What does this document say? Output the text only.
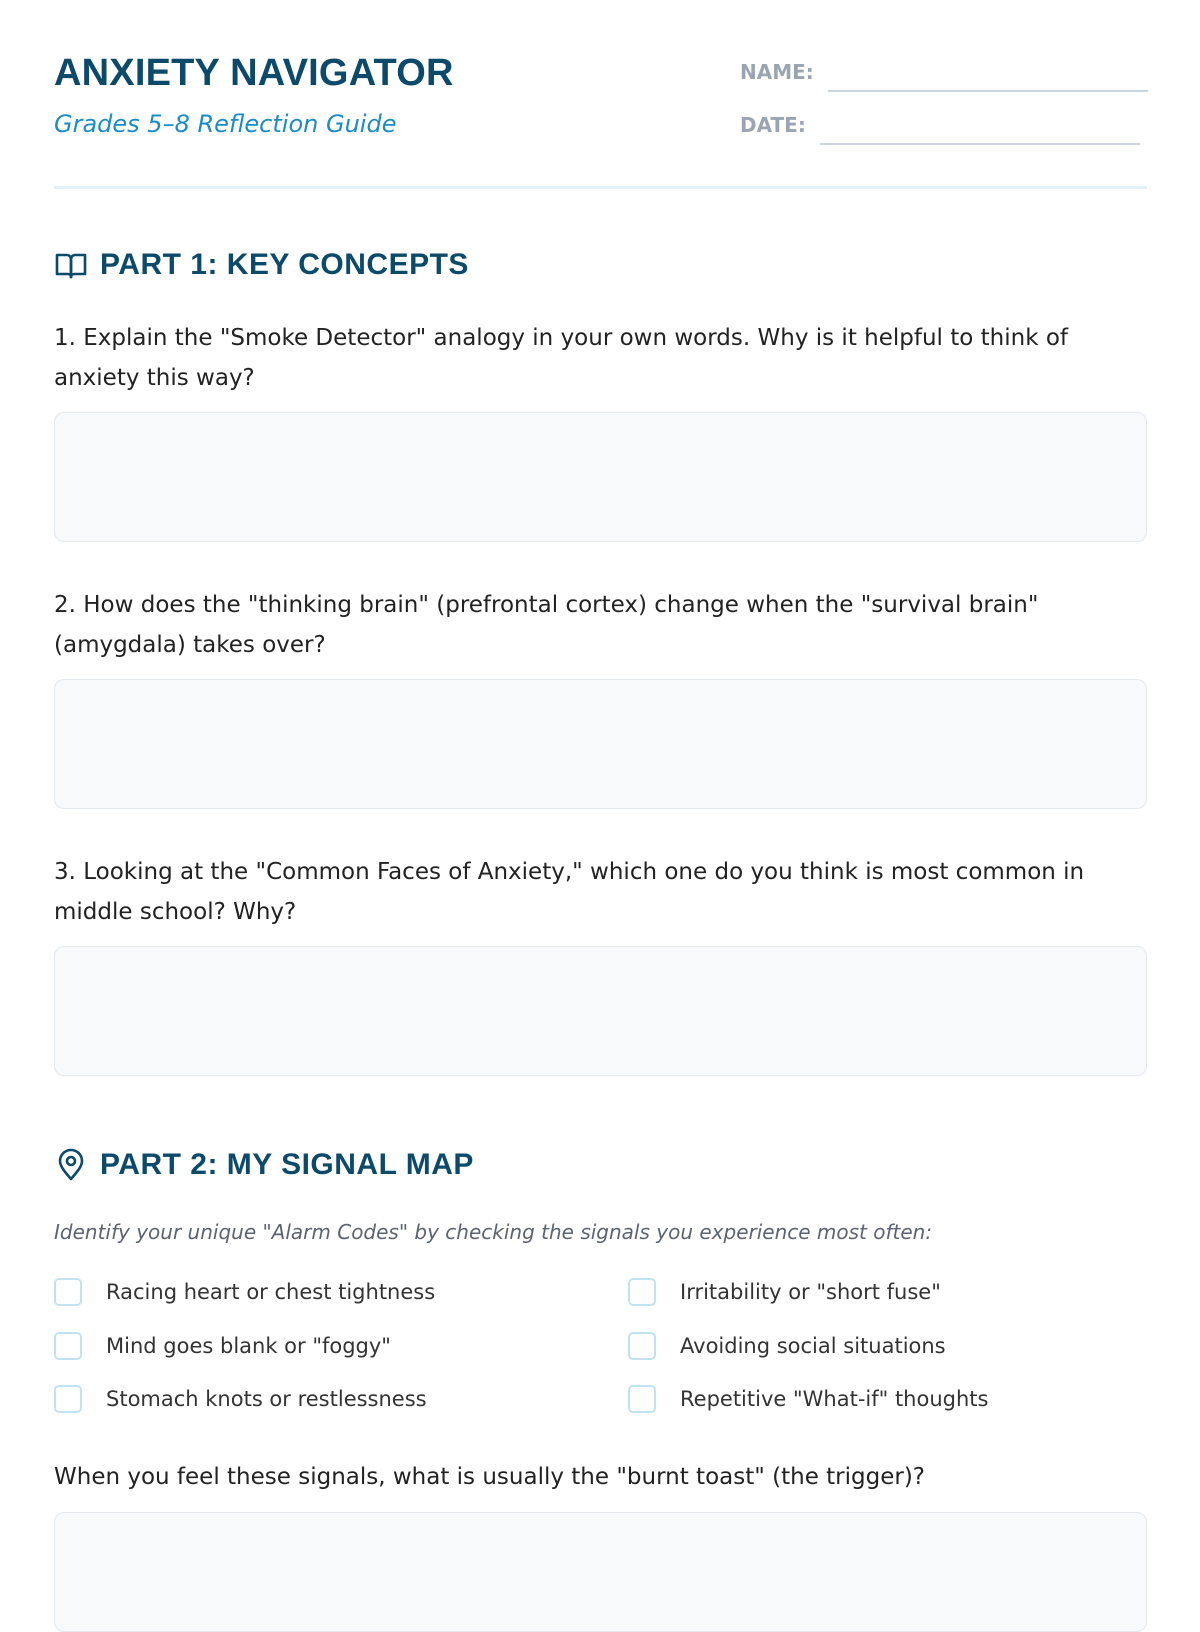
ANXIETY NAVIGATOR
Grades 5–8 Reflection Guide
NAME:
DATE:
PART 1: KEY CONCEPTS
1. Explain the "Smoke Detector" analogy in your own words. Why is it helpful to think of anxiety this way?
2. How does the "thinking brain" (prefrontal cortex) change when the "survival brain" (amygdala) takes over?
3. Looking at the "Common Faces of Anxiety," which one do you think is most common in middle school? Why?
PART 2: MY SIGNAL MAP
Identify your unique "Alarm Codes" by checking the signals you experience most often:
Racing heart or chest tightness
Mind goes blank or "foggy"
Stomach knots or restlessness
Irritability or "short fuse"
Avoiding social situations
Repetitive "What-if" thoughts
When you feel these signals, what is usually the "burnt toast" (the trigger)?
